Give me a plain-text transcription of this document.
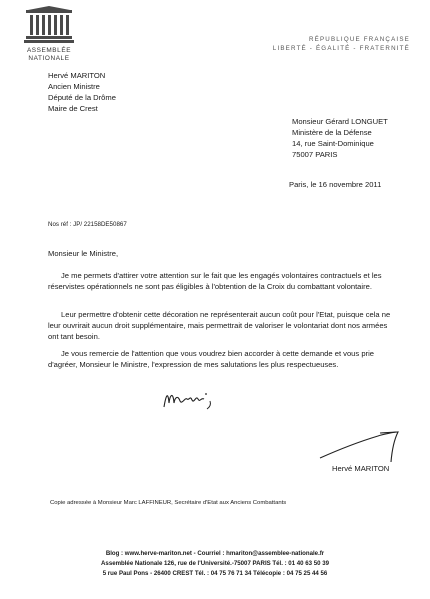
ASSEMBLÉE
NATIONALE
RÉPUBLIQUE FRANÇAISE
LIBERTÉ - ÉGALITÉ - FRATERNITÉ
Hervé MARITON
Ancien Ministre
Député de la Drôme
Maire de Crest
Monsieur Gérard LONGUET
Ministère de la Défense
14, rue Saint-Dominique
75007 PARIS
Paris, le 16 novembre 2011
Nos réf : JP/ 22158DE50867
Monsieur le Ministre,
Je me permets d'attirer votre attention sur le fait que les engagés volontaires contractuels et les réservistes opérationnels ne sont pas éligibles à l'obtention de la Croix du combattant volontaire.
Leur permettre d'obtenir cette décoration ne représenterait aucun coût pour l'Etat, puisque cela ne leur ouvrirait aucun droit supplémentaire, mais permettrait de valoriser le volontariat dont nos armées ont tant besoin.
Je vous remercie de l'attention que vous voudrez bien accorder à cette demande et vous prie d'agréer, Monsieur le Ministre, l'expression de mes salutations les plus respectueuses.
Hervé MARITON
Copie adressée à Monsieur Marc LAFFINEUR, Secrétaire d'Etat aux Anciens Combattants
Blog : www.herve-mariton.net - Courriel : hmariton@assemblee-nationale.fr
Assemblée Nationale 126, rue de l'Université.-75007 PARIS Tél. : 01 40 63 50 39
5 rue Paul Pons - 26400 CREST Tél. : 04 75 76 71 34 Télécopie : 04 75 25 44 56
